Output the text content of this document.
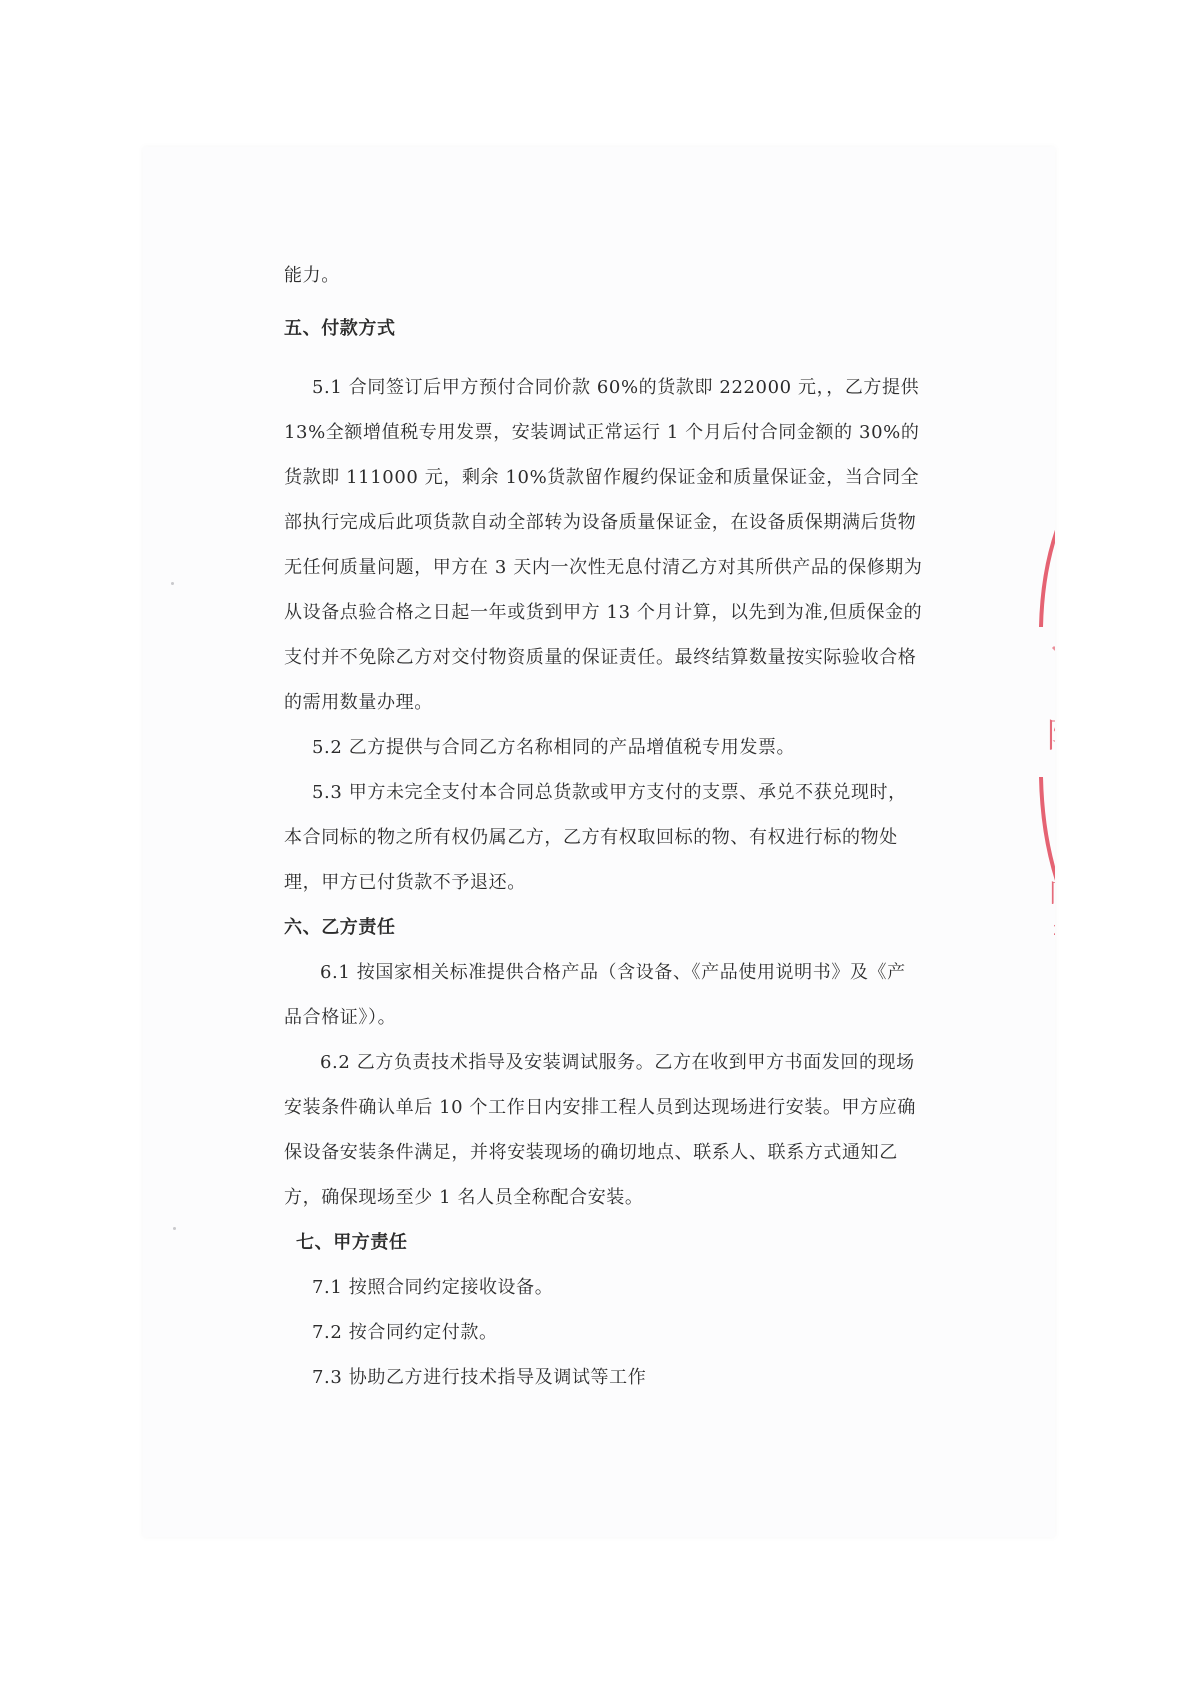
能力。

五、付款方式

5.1 合同签订后甲方预付合同价款 60%的货款即 222000 元，，乙方提供 13%全额增值税专用发票，安装调试正常运行 1 个月后付合同金额的 30%的货款即 111000 元，剩余 10%货款留作履约保证金和质量保证金，当合同全部执行完成后此项货款自动全部转为设备质量保证金，在设备质保期满后货物无任何质量问题，甲方在 3 天内一次性无息付清乙方对其所供产品的保修期为从设备点验合格之日起一年或货到甲方 13 个月计算，以先到为准,但质保金的支付并不免除乙方对交付物资质量的保证责任。最终结算数量按实际验收合格的需用数量办理。

5.2 乙方提供与合同乙方名称相同的产品增值税专用发票。

5.3 甲方未完全支付本合同总货款或甲方支付的支票、承兑不获兑现时，本合同标的物之所有权仍属乙方，乙方有权取回标的物、有权进行标的物处理，甲方已付货款不予退还。

六、乙方责任

6.1 按国家相关标准提供合格产品（含设备、《产品使用说明书》及《产品合格证》）。

6.2 乙方负责技术指导及安装调试服务。乙方在收到甲方书面发回的现场安装条件确认单后 10 个工作日内安排工程人员到达现场进行安装。甲方应确保设备安装条件满足，并将安装现场的确切地点、联系人、联系方式通知乙方，确保现场至少 1 名人员全称配合安装。

七、甲方责任

7.1 按照合同约定接收设备。

7.2 按合同约定付款。

7.3 协助乙方进行技术指导及调试等工作

限
同
20
